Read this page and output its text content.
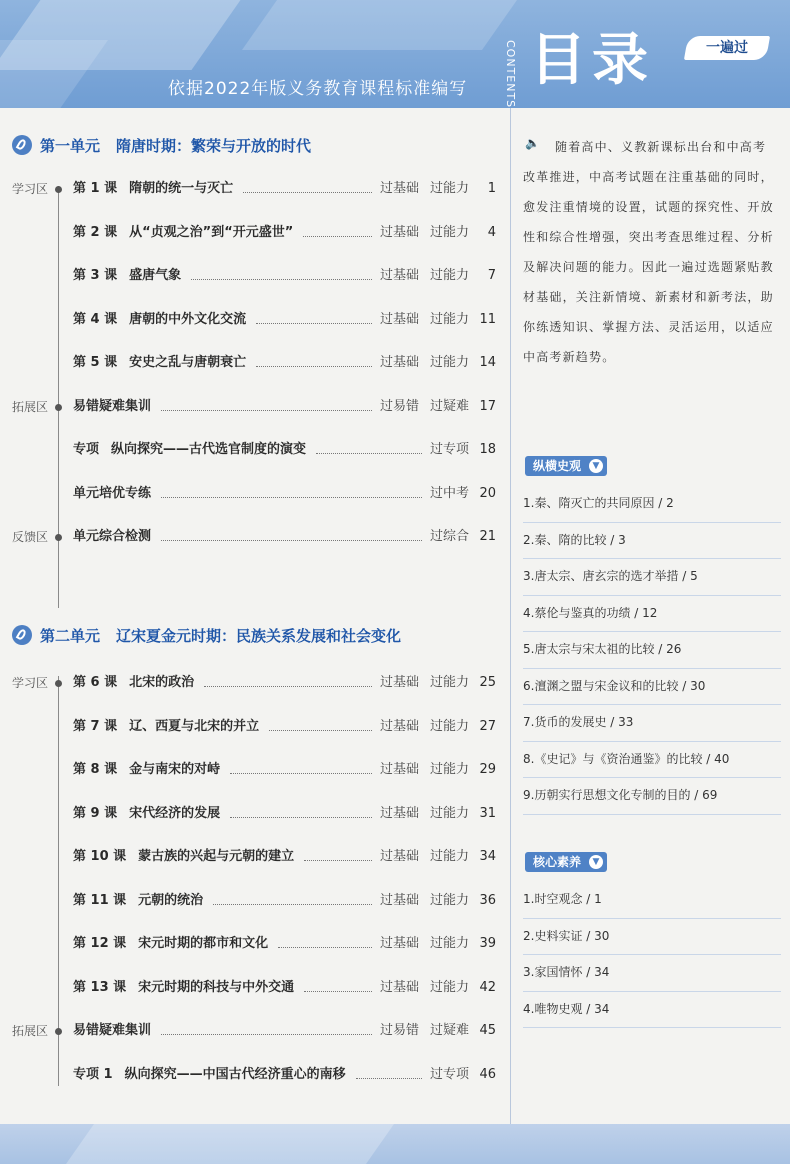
依据2022年版义务教育课程标准编写	CONTENTS 目录	一遍过
第一单元 隋唐时期：繁荣与开放的时代
学习区 第 1 课 隋朝的统一与灭亡	过基础 过能力	1
第 2 课 从“贞观之治”到“开元盛世”	过基础 过能力	4
第 3 课 盛唐气象	过基础 过能力	7
第 4 课 唐朝的中外文化交流	过基础 过能力 11
第 5 课 安史之乱与唐朝衰亡	过基础 过能力 14
拓展区 易错疑难集训	过易错 过疑难 17
专项 纵向探究——古代选官制度的演变	过专项 18
单元培优专练	过中考 20
反馈区 单元综合检测	过综合 21
第二单元 辽宋夏金元时期：民族关系发展和社会变化
学习区 第 6 课 北宋的政治	过基础 过能力 25
第 7 课 辽、西夏与北宋的并立	过基础 过能力 27
第 8 课 金与南宋的对峙	过基础 过能力 29
第 9 课 宋代经济的发展	过基础 过能力 31
第 10 课 蒙古族的兴起与元朝的建立	过基础 过能力 34
第 11 课 元朝的统治	过基础 过能力 36
第 12 课 宋元时期的都市和文化	过基础 过能力 39
第 13 课 宋元时期的科技与中外交通	过基础 过能力 42
拓展区 易错疑难集训	过易错 过疑难 45
专项 1 纵向探究——中国古代经济重心的南移	过专项 46
🔈	随着高中、义教新课标出台和中高考改革推进，中高考试题在注重基础的同时，愈发注重情境的设置，试题的探究性、开放性和综合性增强，突出考查思维过程、分析及解决问题的能力。因此一遍过选题紧贴教材基础，关注新情境、新素材和新考法，助你练透知识、掌握方法、灵活运用，以适应中高考新趋势。
纵横史观	▼
1.秦、隋灭亡的共同原因 / 2
2.秦、隋的比较 / 3
3.唐太宗、唐玄宗的选才举措 / 5
4.蔡伦与鉴真的功绩 / 12
5.唐太宗与宋太祖的比较 / 26
6.澶渊之盟与宋金议和的比较 / 30
7.货币的发展史 / 33
8.《史记》与《资治通鉴》的比较 / 40
9.历朝实行思想文化专制的目的 / 69
核心素养	▼
1.时空观念 / 1
2.史料实证 / 30
3.家国情怀 / 34
4.唯物史观 / 34
